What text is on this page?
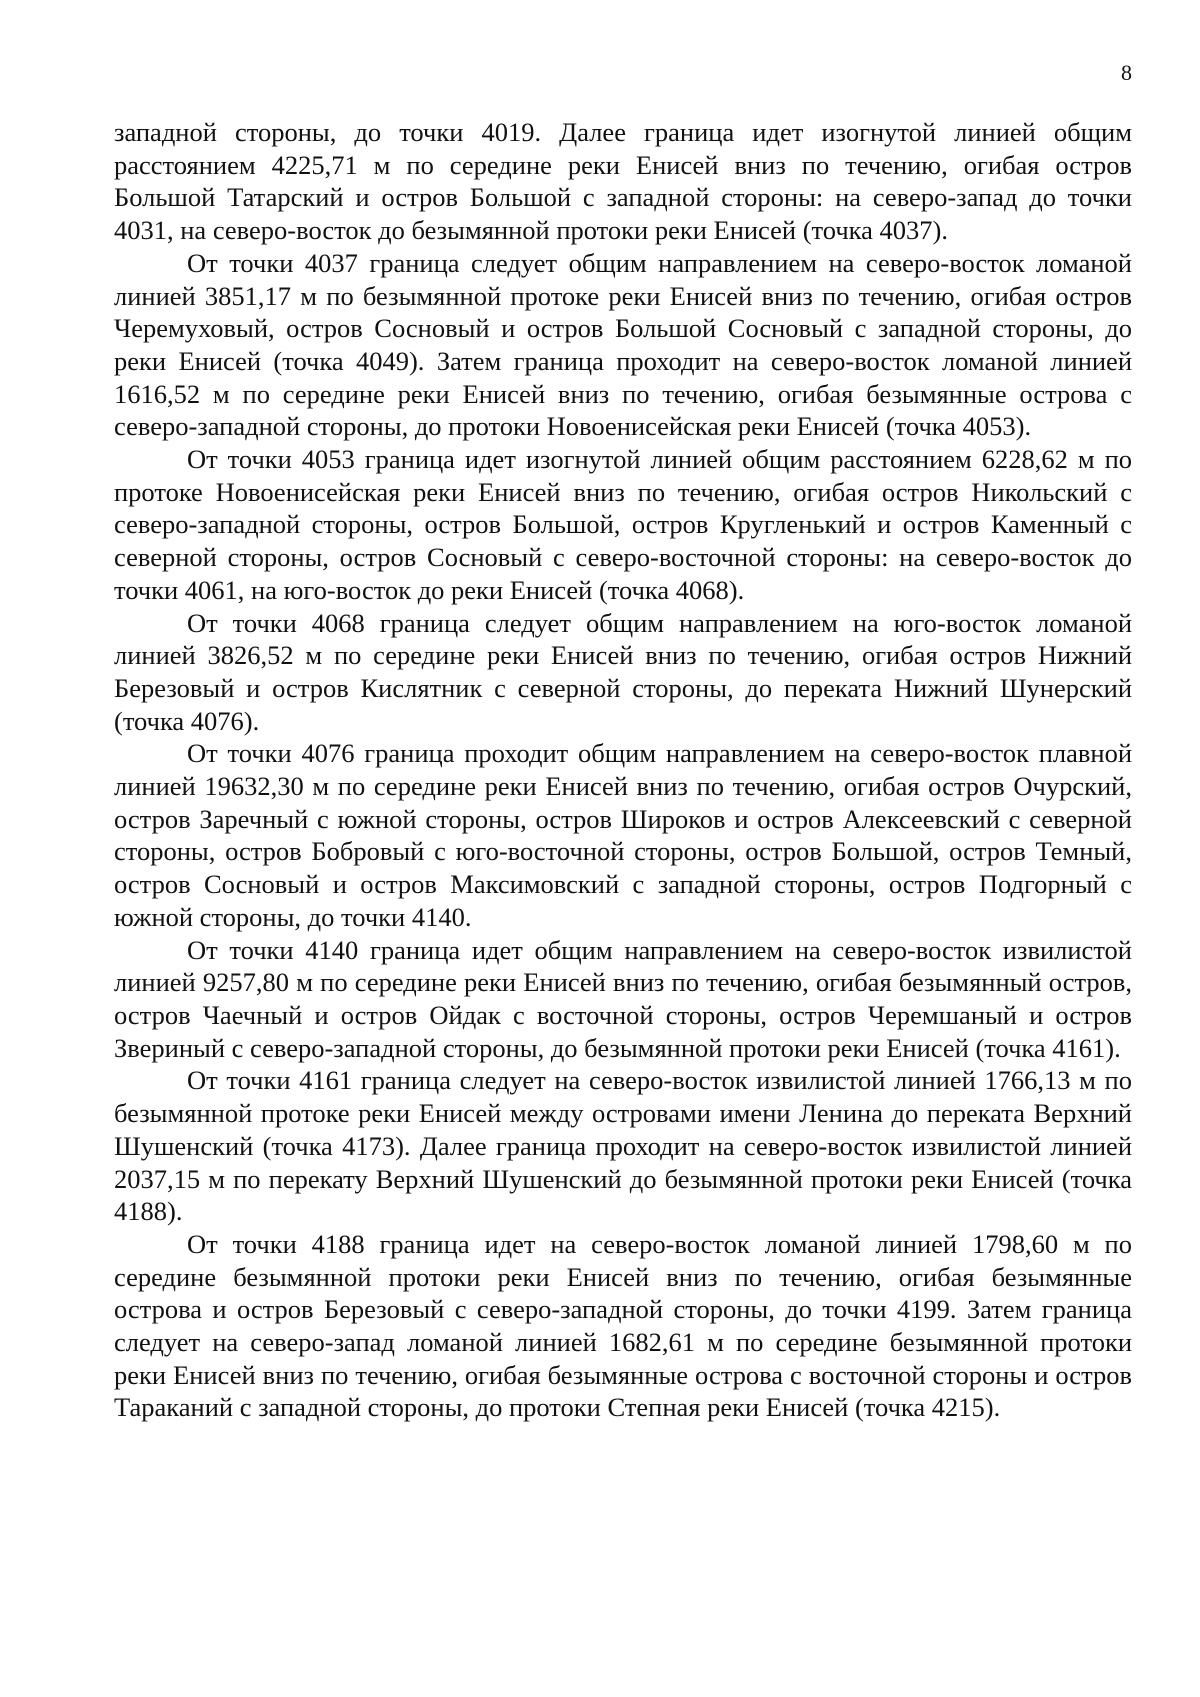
8

западной стороны, до точки 4019. Далее граница идет изогнутой линией общим расстоянием 4225,71 м по середине реки Енисей вниз по течению, огибая остров Большой Татарский и остров Большой с западной стороны: на северо-запад до точки 4031, на северо-восток до безымянной протоки реки Енисей (точка 4037).

От точки 4037 граница следует общим направлением на северо-восток ломаной линией 3851,17 м по безымянной протоке реки Енисей вниз по течению, огибая остров Черемуховый, остров Сосновый и остров Большой Сосновый с западной стороны, до реки Енисей (точка 4049). Затем граница проходит на северо-восток ломаной линией 1616,52 м по середине реки Енисей вниз по течению, огибая безымянные острова с северо-западной стороны, до протоки Новоенисейская реки Енисей (точка 4053).

От точки 4053 граница идет изогнутой линией общим расстоянием 6228,62 м по протоке Новоенисейская реки Енисей вниз по течению, огибая остров Никольский с северо-западной стороны, остров Большой, остров Кругленький и остров Каменный с северной стороны, остров Сосновый с северо-восточной стороны: на северо-восток до точки 4061, на юго-восток до реки Енисей (точка 4068).

От точки 4068 граница следует общим направлением на юго-восток ломаной линией 3826,52 м по середине реки Енисей вниз по течению, огибая остров Нижний Березовый и остров Кислятник с северной стороны, до переката Нижний Шунерский (точка 4076).

От точки 4076 граница проходит общим направлением на северо-восток плавной линией 19632,30 м по середине реки Енисей вниз по течению, огибая остров Очурский, остров Заречный с южной стороны, остров Широков и остров Алексеевский с северной стороны, остров Бобровый с юго-восточной стороны, остров Большой, остров Темный, остров Сосновый и остров Максимовский с западной стороны, остров Подгорный с южной стороны, до точки 4140.

От точки 4140 граница идет общим направлением на северо-восток извилистой линией 9257,80 м по середине реки Енисей вниз по течению, огибая безымянный остров, остров Чаечный и остров Ойдак с восточной стороны, остров Черемшаный и остров Звериный с северо-западной стороны, до безымянной протоки реки Енисей (точка 4161).

От точки 4161 граница следует на северо-восток извилистой линией 1766,13 м по безымянной протоке реки Енисей между островами имени Ленина до переката Верхний Шушенский (точка 4173). Далее граница проходит на северо-восток извилистой линией 2037,15 м по перекату Верхний Шушенский до безымянной протоки реки Енисей (точка 4188).

От точки 4188 граница идет на северо-восток ломаной линией 1798,60 м по середине безымянной протоки реки Енисей вниз по течению, огибая безымянные острова и остров Березовый с северо-западной стороны, до точки 4199. Затем граница следует на северо-запад ломаной линией 1682,61 м по середине безымянной протоки реки Енисей вниз по течению, огибая безымянные острова с восточной стороны и остров Тараканий с западной стороны, до протоки Степная реки Енисей (точка 4215).
